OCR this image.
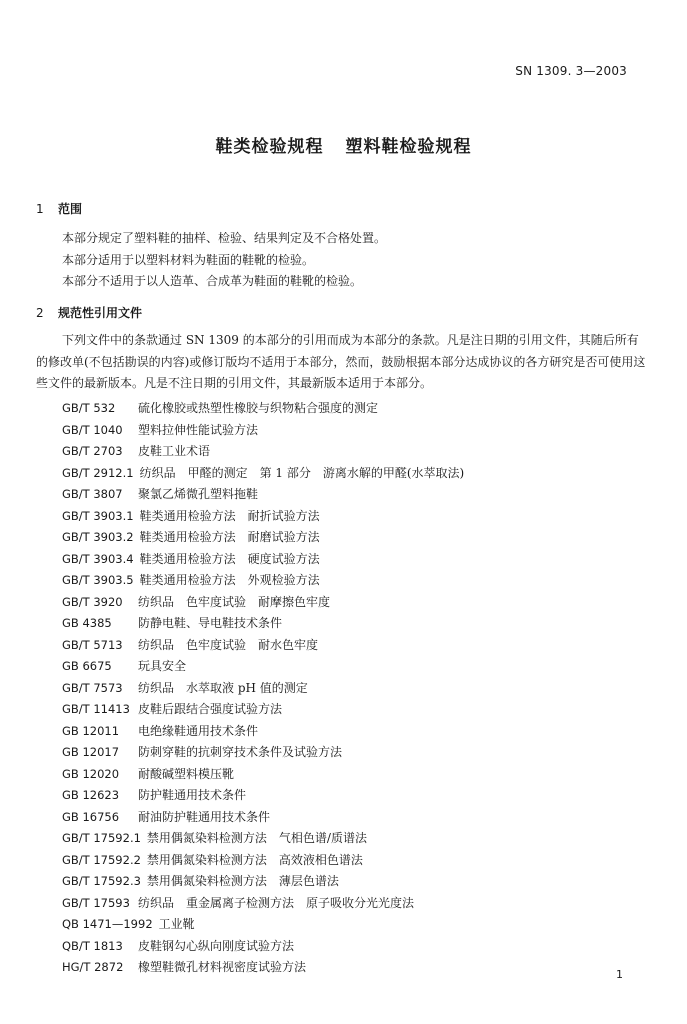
SN 1309. 3—2003
鞋类检验规程 塑料鞋检验规程
1 范围
本部分规定了塑料鞋的抽样、检验、结果判定及不合格处置。
本部分适用于以塑料材料为鞋面的鞋靴的检验。
本部分不适用于以人造革、合成革为鞋面的鞋靴的检验。
2 规范性引用文件

下列文件中的条款通过 SN 1309 的本部分的引用而成为本部分的条款。凡是注日期的引用文件，其随后所有的修改单(不包括勘误的内容)或修订版均不适用于本部分，然而，鼓励根据本部分达成协议的各方研究是否可使用这些文件的最新版本。凡是不注日期的引用文件，其最新版本适用于本部分。

GB/T 532 硫化橡胶或热塑性橡胶与织物粘合强度的测定
GB/T 1040 塑料拉伸性能试验方法
GB/T 2703 皮鞋工业术语
GB/T 2912.1 纺织品　甲醛的测定　第 1 部分　游离水解的甲醛(水萃取法)
GB/T 3807 聚氯乙烯微孔塑料拖鞋
GB/T 3903.1 鞋类通用检验方法　耐折试验方法
GB/T 3903.2 鞋类通用检验方法　耐磨试验方法
GB/T 3903.4 鞋类通用检验方法　硬度试验方法
GB/T 3903.5 鞋类通用检验方法　外观检验方法
GB/T 3920 纺织品　色牢度试验　耐摩擦色牢度
GB 4385 防静电鞋、导电鞋技术条件
GB/T 5713 纺织品　色牢度试验　耐水色牢度
GB 6675 玩具安全
GB/T 7573 纺织品　水萃取液 pH 值的测定
GB/T 11413 皮鞋后跟结合强度试验方法
GB 12011 电绝缘鞋通用技术条件
GB 12017 防刺穿鞋的抗刺穿技术条件及试验方法
GB 12020 耐酸碱塑料模压靴
GB 12623 防护鞋通用技术条件
GB 16756 耐油防护鞋通用技术条件
GB/T 17592.1 禁用偶氮染料检测方法　气相色谱/质谱法
GB/T 17592.2 禁用偶氮染料检测方法　高效液相色谱法
GB/T 17592.3 禁用偶氮染料检测方法　薄层色谱法
GB/T 17593 纺织品　重金属离子检测方法　原子吸收分光光度法
QB 1471—1992 工业靴
QB/T 1813 皮鞋钢勾心纵向刚度试验方法
HG/T 2872 橡塑鞋微孔材料视密度试验方法
1
